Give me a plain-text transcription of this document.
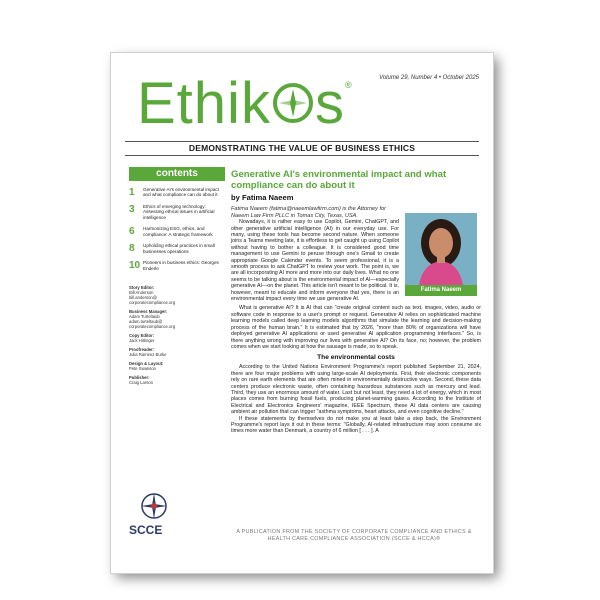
Volume 29, Number 4 • October 2025
Ethik s®
DEMONSTRATING THE VALUE OF BUSINESS ETHICS
contents
1	Generative AI's environmental impact and what compliance can do about it
3	Ethics of emerging technology: Assessing ethical issues in artificial intelligence
6	Harmonizing ESG, ethics, and compliance: A strategic framework
8	Upholding ethical practices in small businesses operations
10 Pioneers in business ethics: Georges Enderle
Story Editor:
Bill Anderson
bill.anderson@
corporatecompliance.org
Business Manager:
Adam Turteltaub
adam.turteltaub@
corporatecompliance.org
Copy Editor:
Jack Hittinger
Proofreader:
Julia Ramirez Burke
Design & Layout:
Pete Swanson
Publisher:
Craig Larson
SCCE	A PUBLICATION FROM THE SOCIETY OF CORPORATE COMPLIANCE AND ETHICS & HEALTH CARE COMPLIANCE ASSOCIATION (SCCE & HCCA)®
Generative AI's environmental impact and what compliance can do about it
by Fatima Naeem
Fatima Naeem (fatima@naeemlawfirm.com) is the Attorney for Naeem Law Firm PLLC in Tomas City, Texas, USA.

Nowadays, it is rather easy to use Copilot, Gemini, ChatGPT, and other generative artificial intelligence (AI) in our everyday use. For many, using these tools has become second nature. When someone joins a Teams meeting late, it is effortless to get caught up using Copilot without having to bother a colleague. It is considered good time management to use Gemini to peruse through one's Gmail to create appropriate Google Calendar events. To seem professional, it is a smooth process to ask ChatGPT to review your work. The point is, we are all incorporating AI more and more into our daily lives. What no one seems to be talking about is the environmental impact of AI—especially generative AI—on the planet. This article isn't meant to be political. It is, however, meant to educate and inform everyone that yes, there is an environmental impact every time we use generative AI.

Fatima Naeem

What is generative AI? It is AI that can "create original content such as text, images, video, audio or software code in response to a user's prompt or request. Generative AI relies on sophisticated machine learning models called deep learning models algorithms that simulate the learning and decision-making process of the human brain." It is estimated that by 2026, "more than 80% of organizations will have deployed generative AI applications or used generative AI application programming interfaces." So, is there anything wrong with improving our lives with generative AI? On its face, no; however, the problem comes when we start looking at how the sausage is made, so to speak.

The environmental costs

According to the United Nations Environment Programme's report published September 21, 2024, there are four major problems with using large-scale AI deployments. First, their electronic components rely on rare earth elements that are often mined in environmentally destructive ways. Second, these data centers produce electronic waste, often containing hazardous substances such as mercury and lead. Third, they use an enormous amount of water. Last but not least, they need a lot of energy, which in most places comes from burning fossil fuels, producing planet-warming gases. According to the Institute of Electrical and Electronics Engineers' magazine, IEEE Spectrum, these AI data centers are causing ambient air pollution that can trigger "asthma symptoms, heart attacks, and even cognitive decline."

If these statements by themselves do not make you at least take a step back, the Environment Programme's report lays it out in these terms: "Globally, AI-related infrastructure may soon consume six times more water than Denmark, a country of 6 million [ . . . ]. A
